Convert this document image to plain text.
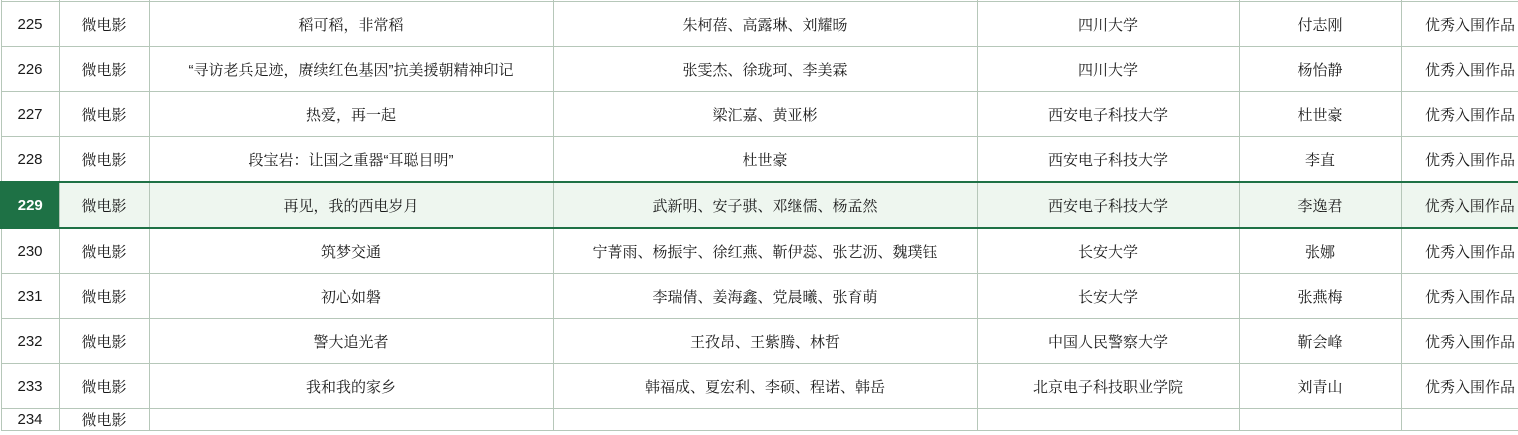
225	微电影	稻可稻，非常稻	朱柯蓓、高露琳、刘耀旸	四川大学	付志刚	优秀入围作品
226	微电影	“寻访老兵足迹，赓续红色基因”抗美援朝精神印记	张雯杰、徐珑珂、李美霖	四川大学	杨怡静	优秀入围作品
227	微电影	热爱，再一起	梁汇嘉、黄亚彬	西安电子科技大学	杜世豪	优秀入围作品
228	微电影	段宝岩：让国之重器“耳聪目明”	杜世豪	西安电子科技大学	李直	优秀入围作品
229	微电影	再见，我的西电岁月	武新明、安子骐、邓继儒、杨孟然	西安电子科技大学	李逸君	优秀入围作品
230	微电影	筑梦交通	宁菁雨、杨振宇、徐红燕、靳伊蕊、张艺沥、魏璞钰	长安大学	张娜	优秀入围作品
231	微电影	初心如磐	李瑞倩、姜海鑫、党晨曦、张育萌	长安大学	张燕梅	优秀入围作品
232	微电影	警大追光者	王孜昂、王紫腾、林哲	中国人民警察大学	靳会峰	优秀入围作品
233	微电影	我和我的家乡	韩福成、夏宏利、李硕、程诺、韩岳	北京电子科技职业学院	刘青山	优秀入围作品
234	微电影					
